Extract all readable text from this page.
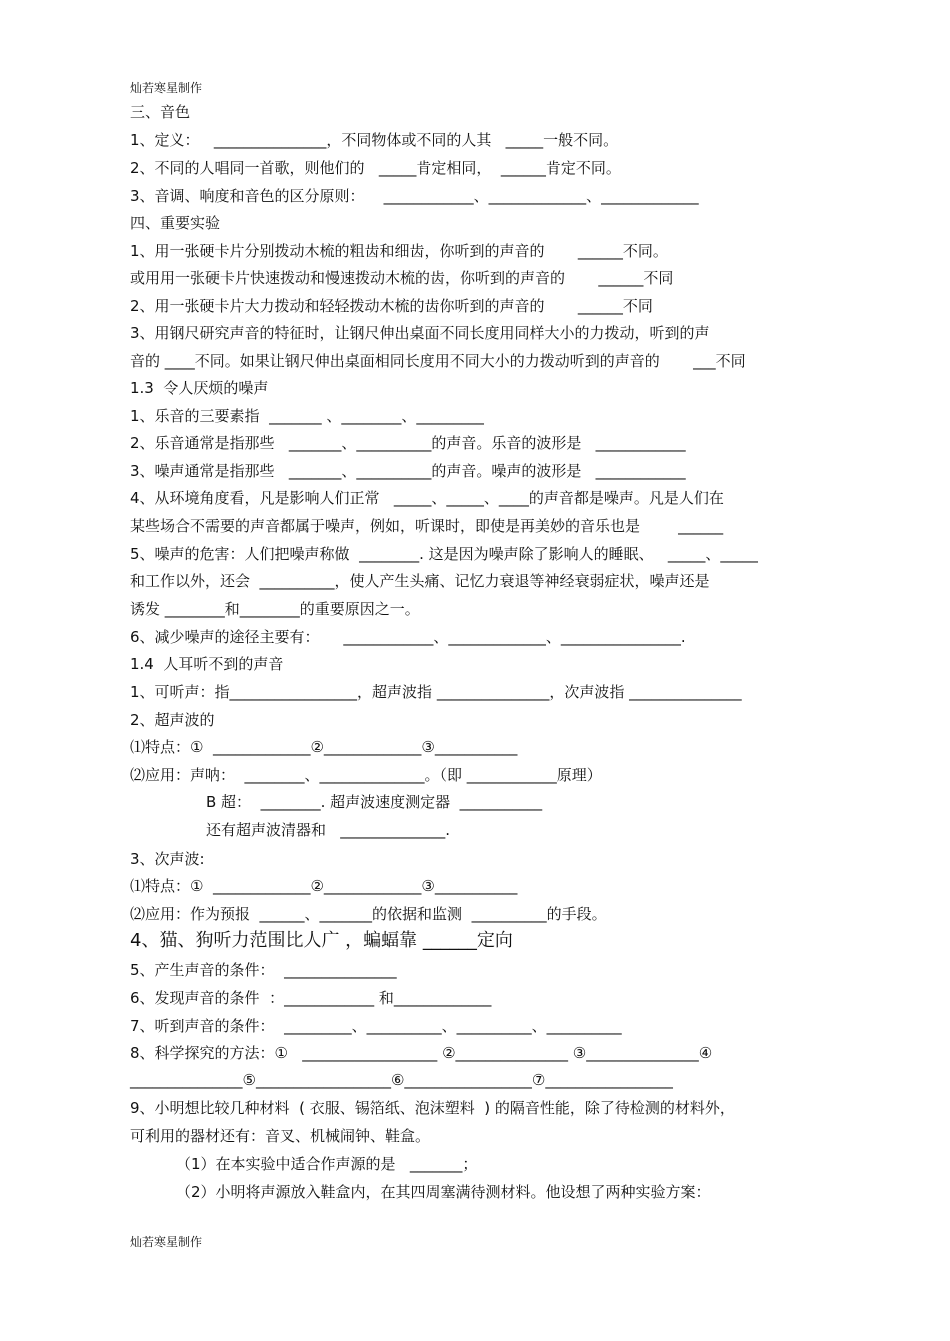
灿若寒星制作
三、音色
1、定义：   _______________，不同物体或不同的人其   _____一般不同。
2、不同的人唱同一首歌，则他们的   _____肯定相同，  ______肯定不同。
3、音调、响度和音色的区分原则：    ____________、_____________、_____________
四、重要实验
1、用一张硬卡片分别拨动木梳的粗齿和细齿，你听到的声音的       ______不同。
或用用一张硬卡片快速拨动和慢速拨动木梳的齿，你听到的声音的       ______不同
2、用一张硬卡片大力拨动和轻轻拨动木梳的齿你听到的声音的       ______不同
3、用钢尺研究声音的特征时，让钢尺伸出桌面不同长度用同样大小的力拨动，听到的声
音的 ____不同。如果让钢尺伸出桌面相同长度用不同大小的力拨动听到的声音的       ___不同
1.3  令人厌烦的噪声
1、乐音的三要素指  _______ 、________、_________
2、乐音通常是指那些   _______、__________的声音。乐音的波形是   ____________
3、噪声通常是指那些   _______、__________的声音。噪声的波形是   ____________
4、从环境角度看，凡是影响人们正常   _____、_____、____的声音都是噪声。凡是人们在
某些场合不需要的声音都属于噪声，例如，听课时，即使是再美妙的音乐也是        ______
5、噪声的危害：人们把噪声称做  ________. 这是因为噪声除了影响人的睡眠、   _____、_____
和工作以外，还会  __________，使人产生头痛、记忆力衰退等神经衰弱症状，噪声还是
诱发 ________和________的重要原因之一。
6、减少噪声的途径主要有：     ____________、_____________、________________.
1.4  人耳听不到的声音
1、可听声：指_________________，超声波指 _______________，次声波指 _______________
2、超声波的
⑴特点：①  _____________②_____________③___________
⑵应用：声呐：  ________、______________。（即 ____________原理）
B 超：  ________. 超声波速度测定器  ___________
还有超声波清器和   ______________.
3、次声波:
⑴特点：①  _____________②_____________③___________
⑵应用：作为预报  ______、_______的依据和监测  __________的手段。
4、猫、狗听力范围比人广 ，蝙蝠靠 ______定向
5、产生声音的条件：  _______________
6、发现声音的条件  ：____________ 和_____________
7、听到声音的条件：  _________、__________、__________、__________
8、科学探究的方法：①   __________________ ②_______________ ③_______________④
_______________⑤__________________⑥_________________⑦_________________
9、小明想比较几种材料  ( 衣服、锡箔纸、泡沫塑料  ) 的隔音性能，除了待检测的材料外，
可利用的器材还有：音叉、机械闹钟、鞋盒。
（1）在本实验中适合作声源的是   _______；
（2）小明将声源放入鞋盒内，在其四周塞满待测材料。他设想了两种实验方案：
灿若寒星制作
